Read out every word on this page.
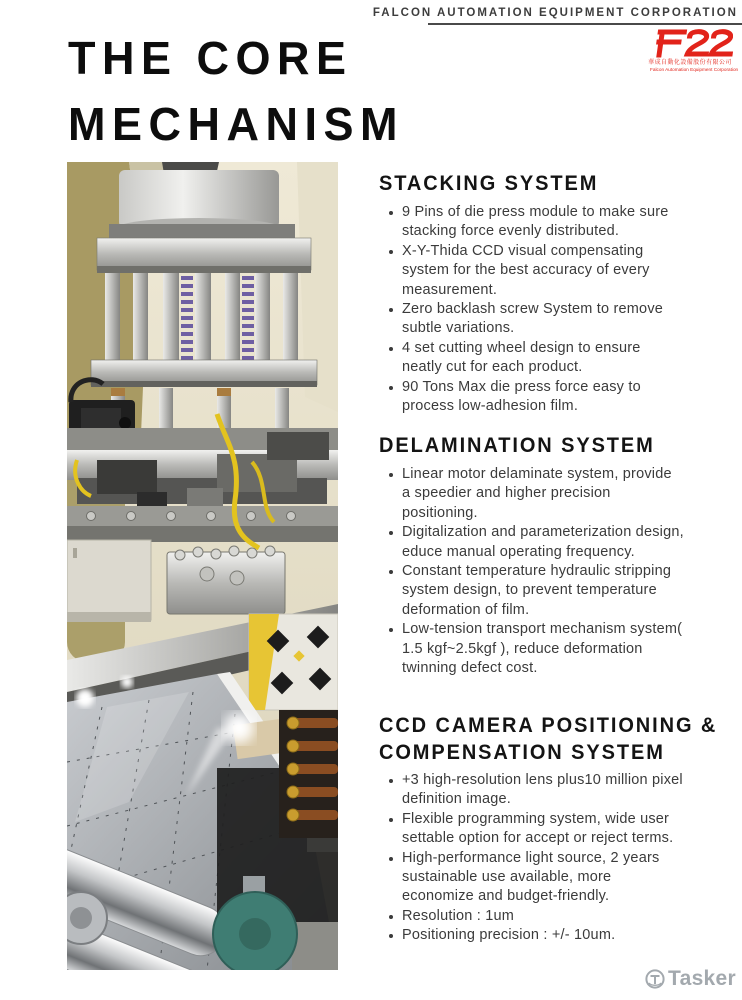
FALCON AUTOMATION EQUIPMENT CORPORATION
華成自動化設備股份有限公司
Falcon Automation Equipment Corporation
THE CORE
MECHANISM
STACKING SYSTEM
9 Pins of die press module to make sure stacking force evenly distributed.
X-Y-Thida CCD visual compensating system for the best accuracy of every measurement.
Zero backlash screw System to remove subtle variations.
4 set cutting wheel design to ensure neatly cut for each product.
90 Tons Max die press force easy to process low-adhesion film.
DELAMINATION SYSTEM
Linear motor delaminate system, provide a speedier and higher precision positioning.
Digitalization and parameterization design, educe manual operating frequency.
Constant temperature hydraulic stripping system design, to prevent temperature deformation of film.
Low-tension transport mechanism system( 1.5 kgf~2.5kgf ), reduce deformation twinning defect cost.
CCD CAMERA POSITIONING & COMPENSATION SYSTEM
+3 high-resolution lens plus10 million pixel definition image.
Flexible programming system, wide user settable option for accept or reject terms.
High-performance light source, 2 years sustainable use available, more economize and budget-friendly.
Resolution : 1um
Positioning precision : +/- 10um.
Tasker
